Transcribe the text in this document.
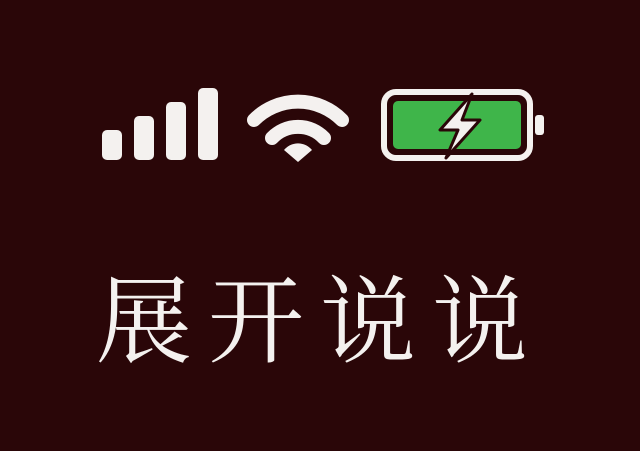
展开说说
